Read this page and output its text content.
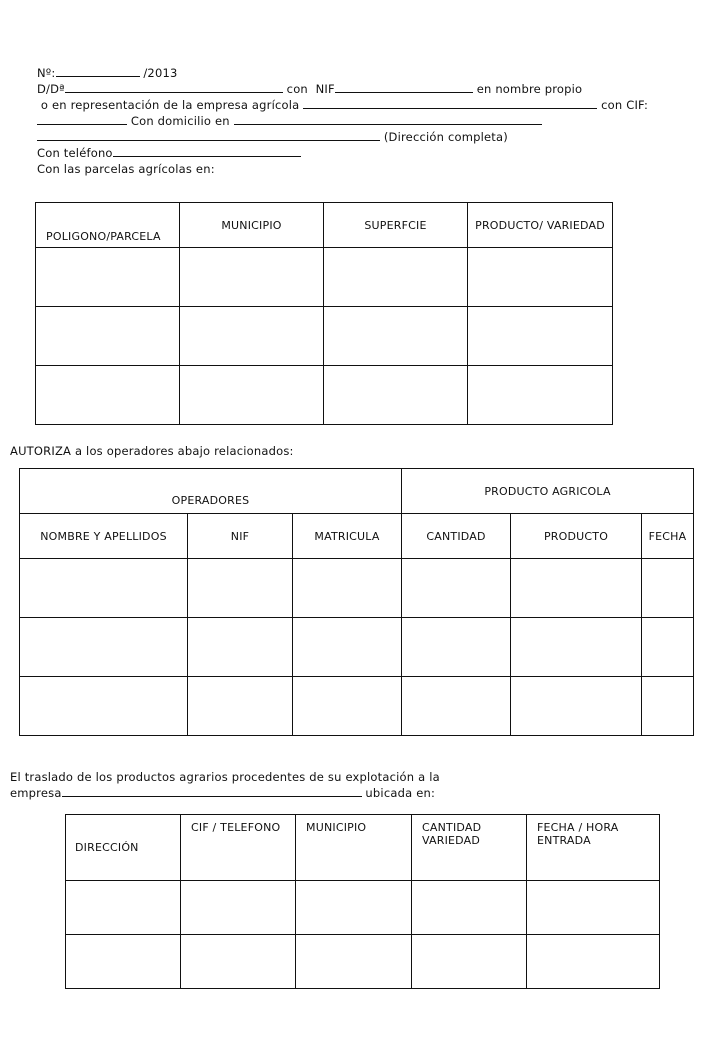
Nº:	/2013
D/Dª	con  NIF	en nombre propio
o en representación de la empresa agrícola	con CIF:
Con domicilio en
(Dirección completa)
Con teléfono
Con las parcelas agrícolas en:
POLIGONO/PARCELA	MUNICIPIO	SUPERFCIE	PRODUCTO/ VARIEDAD

AUTORIZA a los operadores abajo relacionados:
OPERADORES			PRODUCTO AGRICOLA		
NOMBRE Y APELLIDOS	NIF	MATRICULA	CANTIDAD	PRODUCTO	FECHA

El traslado de los productos agrarios procedentes de su explotación a la
empresa	ubicada en:
DIRECCIÓN	CIF / TELEFONO	MUNICIPIO	CANTIDAD VARIEDAD	FECHA / HORA ENTRADA
